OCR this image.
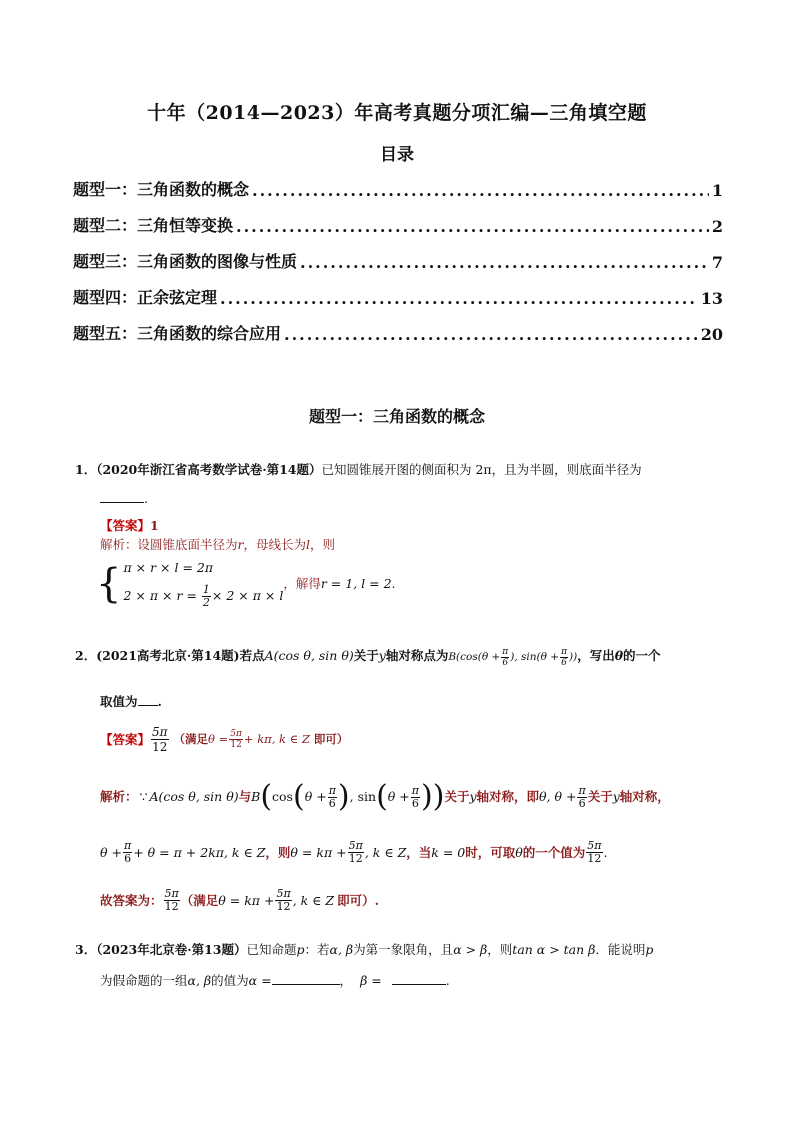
十年（2014—2023）年高考真题分项汇编—三角填空题
目录
题型一：三角函数的概念 .....	1
题型二：三角恒等变换 .....	2
题型三：三角函数的图像与性质 .....	7
题型四：正余弦定理 .....	13
题型五：三角函数的综合应用 .....	20
题型一：三角函数的概念
1．（2020年浙江省高考数学试卷·第14题）已知圆锥展开图的侧面积为 2π，且为半圆，则底面半径为
.
【答案】1
解析：设圆锥底面半径为r，母线长为l，则
{ π × r × l = 2π
$2 \times \pi \times r = \frac{1}{2} \times 2 \times \pi \times l$
，解得 r = 1, l = 2 .
2．(2021高考北京·第14题)若点A(cos θ, sin θ)关于y轴对称点为$B(\cos(\theta + \frac{\pi}{6}$ ), $\sin(\theta + \frac{\pi}{6}$ ))，写出θ的一个
取值为 .
【答案】 $\frac{5\pi}{12}$ （满足$\theta = \frac{5\pi}{12} + k\pi$, k ∈ Z 即可）
解析： ∵ A(cos θ, sin θ) 与 B ( cos ( $\theta + \frac{\pi}{6}$ ) , sin ( $\theta + \frac{\pi}{6}$ ) ) 关于 y 轴对称，即 θ, $\theta + \frac{\pi}{6}$ 关于 y 轴对称，
$\theta + \frac{\pi}{6} + \theta = \pi + 2k\pi$, k ∈ Z ，则 $\theta = k\pi + \frac{5\pi}{12}$ , k ∈ Z ，当 k = 0 时，可取 θ 的一个值为 $\frac{5\pi}{12}$ .
故答案为： $\frac{5\pi}{12}$ （满足 $\theta = k\pi + \frac{5\pi}{12}$ , k ∈ Z 即可）.
3．（2023年北京卷·第13题）已知命题p：若α, β为第一象限角，且α > β，则tan α > tan β．能说明p
为假命题的一组α, β的值为α =	， β =	.
